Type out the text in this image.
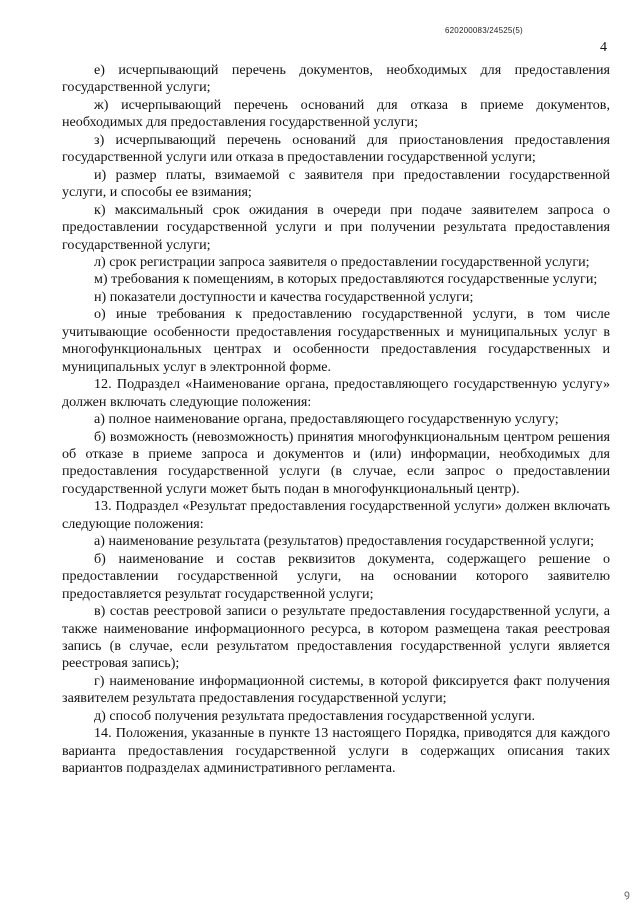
620200083/24525(5)
4

е) исчерпывающий перечень документов, необходимых для предоставления государственной услуги;

ж) исчерпывающий перечень оснований для отказа в приеме документов, необходимых для предоставления государственной услуги;

з) исчерпывающий перечень оснований для приостановления предоставления государственной услуги или отказа в предоставлении государственной услуги;

и) размер платы, взимаемой с заявителя при предоставлении государственной услуги, и способы ее взимания;

к) максимальный срок ожидания в очереди при подаче заявителем запроса о предоставлении государственной услуги и при получении результата предоставления государственной услуги;

л) срок регистрации запроса заявителя о предоставлении государственной услуги;

м) требования к помещениям, в которых предоставляются государственные услуги;

н) показатели доступности и качества государственной услуги;

о) иные требования к предоставлению государственной услуги, в том числе учитывающие особенности предоставления государственных и муниципальных услуг в многофункциональных центрах и особенности предоставления государственных и муниципальных услуг в электронной форме.

12. Подраздел «Наименование органа, предоставляющего государственную услугу» должен включать следующие положения:

а) полное наименование органа, предоставляющего государственную услугу;

б) возможность (невозможность) принятия многофункциональным центром решения об отказе в приеме запроса и документов и (или) информации, необходимых для предоставления государственной услуги (в случае, если запрос о предоставлении государственной услуги может быть подан в многофункциональный центр).

13. Подраздел «Результат предоставления государственной услуги» должен включать следующие положения:

а) наименование результата (результатов) предоставления государственной услуги;

б) наименование и состав реквизитов документа, содержащего решение о предоставлении государственной услуги, на основании которого заявителю предоставляется результат государственной услуги;

в) состав реестровой записи о результате предоставления государственной услуги, а также наименование информационного ресурса, в котором размещена такая реестровая запись (в случае, если результатом предоставления государственной услуги является реестровая запись);

г) наименование информационной системы, в которой фиксируется факт получения заявителем результата предоставления государственной услуги;

д) способ получения результата предоставления государственной услуги.

14. Положения, указанные в пункте 13 настоящего Порядка, приводятся для каждого варианта предоставления государственной услуги в содержащих описания таких вариантов подразделах административного регламента.

ꝯ
